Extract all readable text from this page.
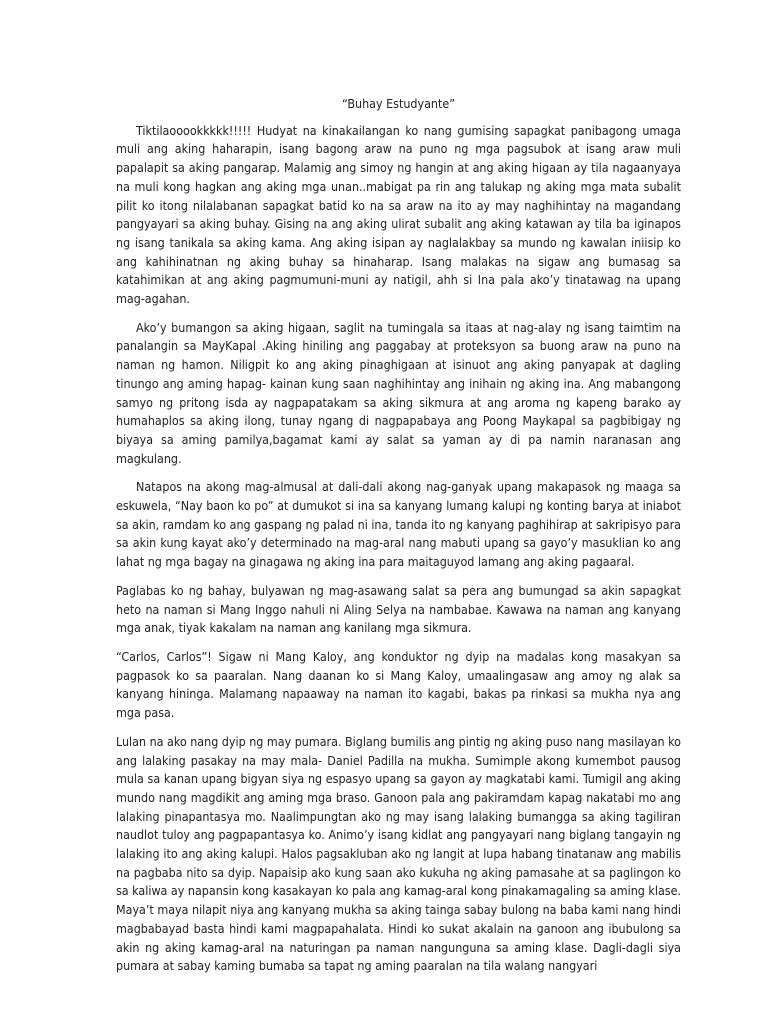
“Buhay Estudyante”

Tiktilaooookkkkk!!!!! Hudyat na kinakailangan ko nang gumising sapagkat panibagong umaga muli ang aking haharapin, isang bagong araw na puno ng mga pagsubok at isang araw muli papalapit sa aking pangarap. Malamig ang simoy ng hangin at ang aking higaan ay tila nagaanyaya na muli kong hagkan ang aking mga unan..mabigat pa rin ang talukap ng aking mga mata subalit pilit ko itong nilalabanan sapagkat batid ko na sa araw na ito ay may naghihintay na magandang pangyayari sa aking buhay. Gising na ang aking ulirat subalit ang aking katawan ay tila ba iginapos ng isang tanikala sa aking kama. Ang aking isipan ay naglalakbay sa mundo ng kawalan iniisip ko ang kahihinatnan ng aking buhay sa hinaharap. Isang malakas na sigaw ang bumasag sa katahimikan at ang aking pagmumuni-muni ay natigil, ahh si Ina pala ako’y tinatawag na upang mag-agahan.

Ako’y bumangon sa aking higaan, saglit na tumingala sa itaas at nag-alay ng isang taimtim na panalangin sa MayKapal .Aking hiniling ang paggabay at proteksyon sa buong araw na puno na naman ng hamon. Niligpit ko ang aking pinaghigaan at isinuot ang aking panyapak at dagling tinungo ang aming hapag- kainan kung saan naghihintay ang inihain ng aking ina. Ang mabangong samyo ng pritong isda ay nagpapatakam sa aking sikmura at ang aroma ng kapeng barako ay humahaplos sa aking ilong, tunay ngang di nagpapabaya ang Poong Maykapal sa pagbibigay ng biyaya sa aming pamilya,bagamat kami ay salat sa yaman ay di pa namin naranasan ang magkulang.

Natapos na akong mag-almusal at dali-dali akong nag-ganyak upang makapasok ng maaga sa eskuwela, “Nay baon ko po” at dumukot si ina sa kanyang lumang kalupi ng konting barya at iniabot sa akin, ramdam ko ang gaspang ng palad ni ina, tanda ito ng kanyang paghihirap at sakripisyo para sa akin kung kayat ako’y determinado na mag-aral nang mabuti upang sa gayo’y masuklian ko ang lahat ng mga bagay na ginagawa ng aking ina para maitaguyod lamang ang aking pagaaral.

Paglabas ko ng bahay, bulyawan ng mag-asawang salat sa pera ang bumungad sa akin sapagkat heto na naman si Mang Inggo nahuli ni Aling Selya na nambabae. Kawawa na naman ang kanyang mga anak, tiyak kakalam na naman ang kanilang mga sikmura.

“Carlos, Carlos”! Sigaw ni Mang Kaloy, ang konduktor ng dyip na madalas kong masakyan sa pagpasok ko sa paaralan. Nang daanan ko si Mang Kaloy, umaalingasaw ang amoy ng alak sa kanyang hininga. Malamang napaaway na naman ito kagabi, bakas pa rinkasi sa mukha nya ang mga pasa.

Lulan na ako nang dyip ng may pumara. Biglang bumilis ang pintig ng aking puso nang masilayan ko ang lalaking pasakay na may mala- Daniel Padilla na mukha. Sumimple akong kumembot pausog mula sa kanan upang bigyan siya ng espasyo upang sa gayon ay magkatabi kami. Tumigil ang aking mundo nang magdikit ang aming mga braso. Ganoon pala ang pakiramdam kapag nakatabi mo ang lalaking pinapantasya mo. Naalimpungtan ako ng may isang lalaking bumangga sa aking tagiliran naudlot tuloy ang pagpapantasya ko. Animo’y isang kidlat ang pangyayari nang biglang tangayin ng lalaking ito ang aking kalupi. Halos pagsakluban ako ng langit at lupa habang tinatanaw ang mabilis na pagbaba nito sa dyip. Napaisip ako kung saan ako kukuha ng aking pamasahe at sa paglingon ko sa kaliwa ay napansin kong kasakayan ko pala ang kamag-aral kong pinakamagaling sa aming klase. Maya’t maya nilapit niya ang kanyang mukha sa aking tainga sabay bulong na baba kami nang hindi magbabayad basta hindi kami magpapahalata. Hindi ko sukat akalain na ganoon ang ibubulong sa akin ng aking kamag-aral na naturingan pa naman nangunguna sa aming klase. Dagli-dagli siya pumara at sabay kaming bumaba sa tapat ng aming paaralan na tila walang nangyari
